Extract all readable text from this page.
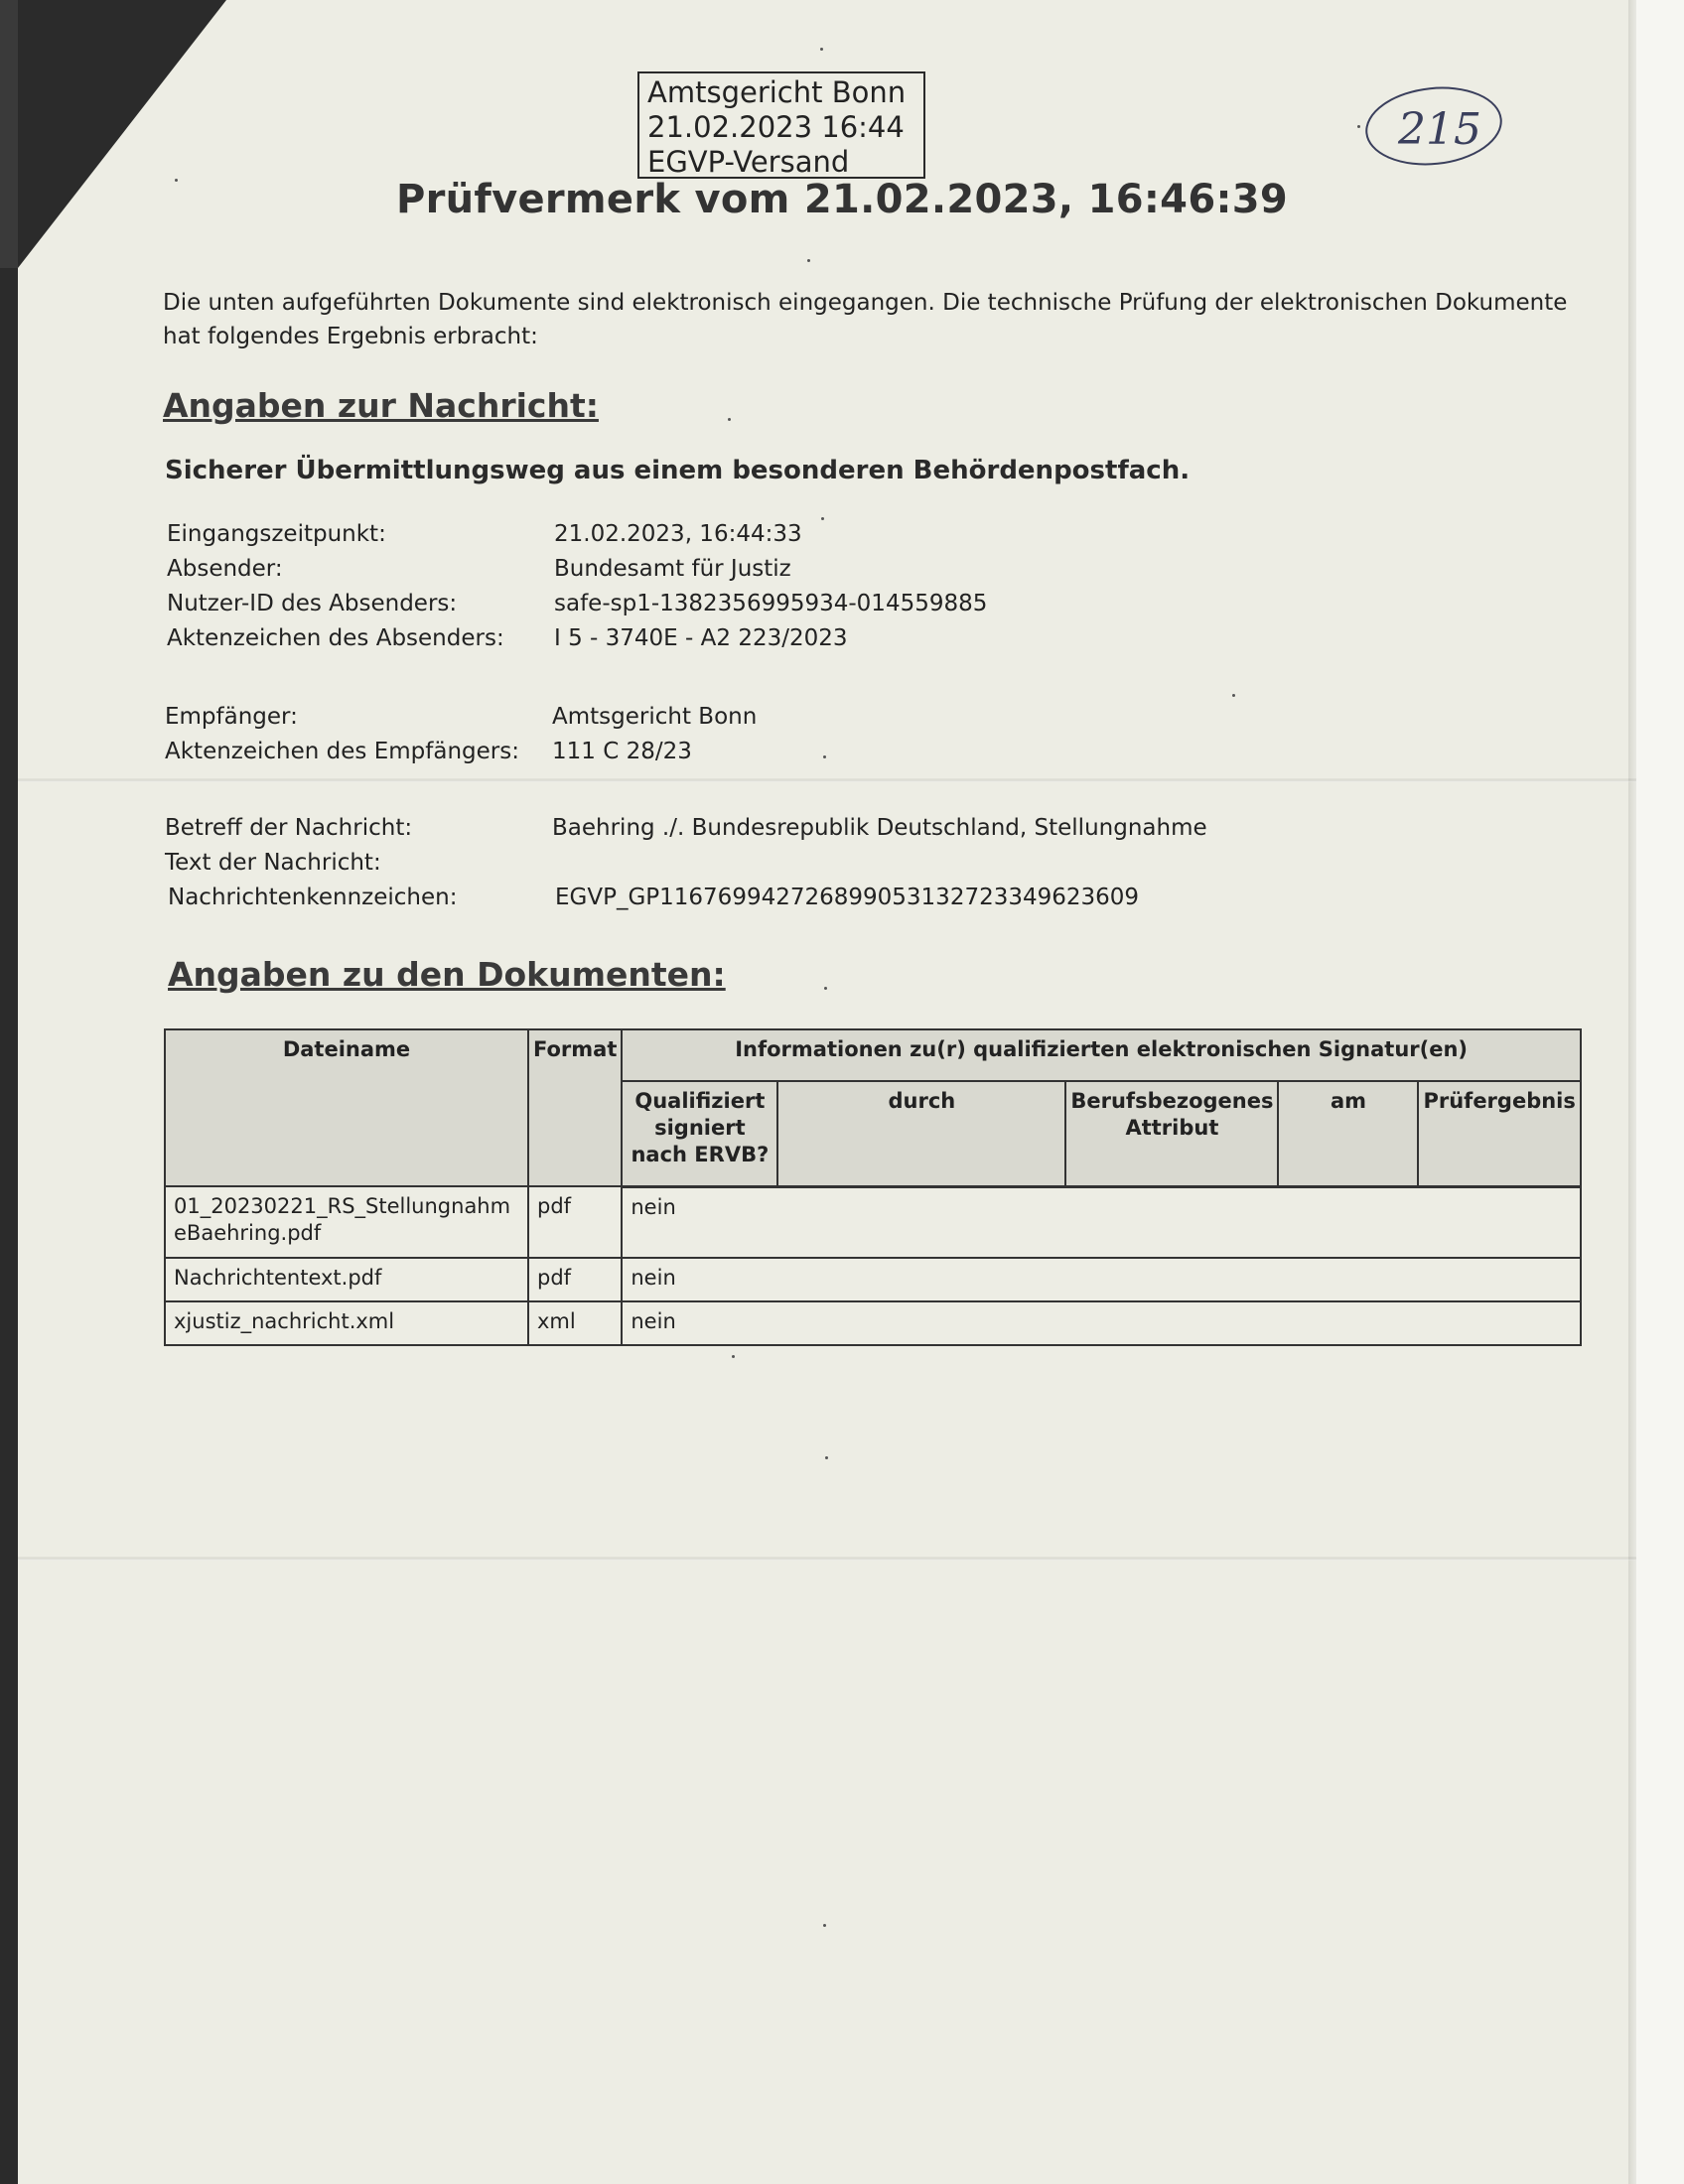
Amtsgericht Bonn
21.02.2023 16:44
EGVP-Versand
215
Prüfvermerk vom 21.02.2023, 16:46:39
Die unten aufgeführten Dokumente sind elektronisch eingegangen. Die technische Prüfung der elektronischen Dokumente hat folgendes Ergebnis erbracht:
Angaben zur Nachricht:
Sicherer Übermittlungsweg aus einem besonderen Behördenpostfach.
Eingangszeitpunkt:	21.02.2023, 16:44:33
Absender:	Bundesamt für Justiz
Nutzer-ID des Absenders:	safe-sp1-1382356995934-014559885
Aktenzeichen des Absenders:	I 5 - 3740E - A2 223/2023
Empfänger:	Amtsgericht Bonn
Aktenzeichen des Empfängers:	111 C 28/23
Betreff der Nachricht:	Baehring ./. Bundesrepublik Deutschland, Stellungnahme
Text der Nachricht:
Nachrichtenkennzeichen:	EGVP_GP116769942726899053132723349623609
Angaben zu den Dokumenten:
Dateiname	Format	Informationen zu(r) qualifizierten elektronischen Signatur(en)				
		Qualifiziert signiert nach ERVB?	durch	Berufsbezogenes Attribut	am	Prüfergebnis
01_20230221_RS_Stellungnahm eBaehring.pdf	pdf	nein				
Nachrichtentext.pdf	pdf	nein				
xjustiz_nachricht.xml	xml	nein				
